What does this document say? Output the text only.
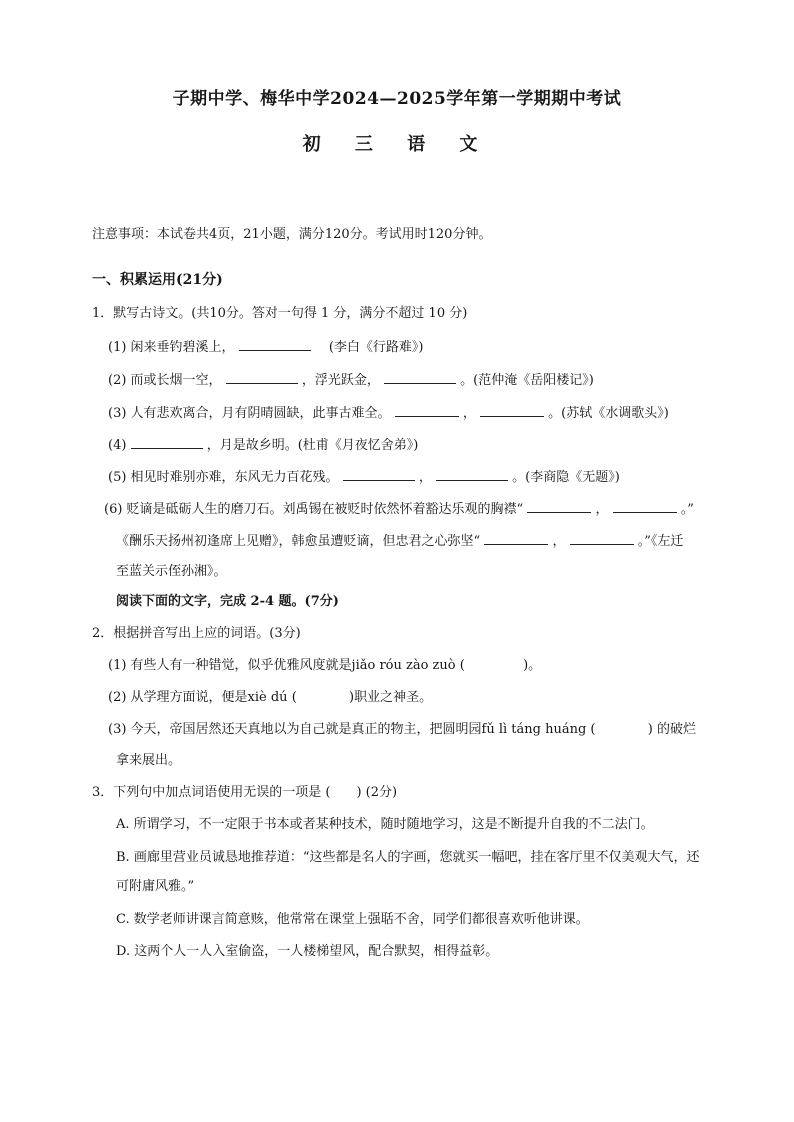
子期中学、梅华中学2024—2025学年第一学期期中考试
初 三 语 文
注意事项：本试卷共4页，21小题，满分120分。考试用时120分钟。
一、积累运用(21分)
1．默写古诗文。(共10分。答对一句得 1 分，满分不超过 10 分)
(1) 闲来垂钓碧溪上，	(李白《行路难》)
(2) 而或长烟一空，	，浮光跃金，	。(范仲淹《岳阳楼记》)
(3) 人有悲欢离合，月有阴晴圆缺，此事古难全。	，	。(苏轼《水调歌头》)
(4)	，月是故乡明。(杜甫《月夜忆舍弟》)
(5) 相见时难别亦难，东风无力百花残。	，	。(李商隐《无题》)
(6) 贬谪是砥砺人生的磨刀石。刘禹锡在被贬时依然怀着豁达乐观的胸襟“	，	。”
《酬乐天扬州初逢席上见赠》，韩愈虽遭贬谪，但忠君之心弥坚“	，	。”《左迁
至蓝关示侄孙湘》。
阅读下面的文字，完成 2-4 题。(7分)
2．根据拼音写出上应的词语。(3分)
(1) 有些人有一种错觉，似乎优雅风度就是jiǎo róu zào zuò (	)。
(2) 从学理方面说，便是xiè dú (	)职业之神圣。
(3) 今天，帝国居然还天真地以为自己就是真正的物主，把圆明园fǔ lì táng huáng (	) 的破烂
拿来展出。
3．下列句中加点词语使用无误的一项是 (　　) (2分)
A. 所谓学习，不一定限于书本或者某种技术，随时随地学习，这是不断提升自我的不二法门。
B. 画廊里营业员诚恳地推荐道：“这些都是名人的字画，您就买一幅吧，挂在客厅里不仅美观大气，还
可附庸风雅。”
C. 数学老师讲课言简意赅，他常常在课堂上强聒不舍，同学们都很喜欢听他讲课。
D. 这两个人一人入室偷盗，一人楼梯望风，配合默契，相得益彰。
